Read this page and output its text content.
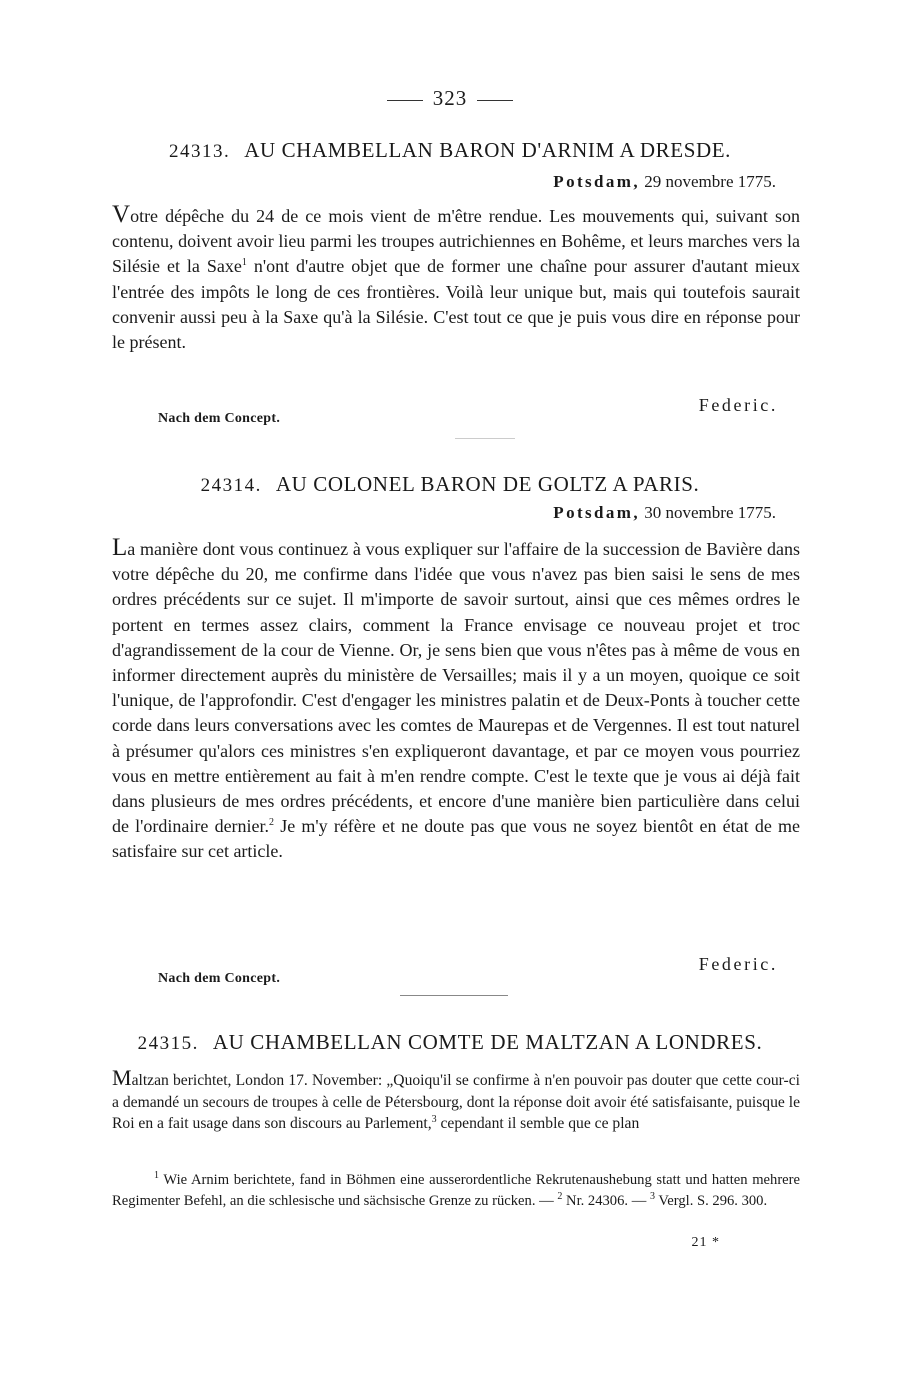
323
24313. AU CHAMBELLAN BARON D'ARNIM A DRESDE.
Potsdam, 29 novembre 1775.
Votre dépêche du 24 de ce mois vient de m'être rendue. Les mouvements qui, suivant son contenu, doivent avoir lieu parmi les troupes autrichiennes en Bohême, et leurs marches vers la Silésie et la Saxe$^1$ n'ont d'autre objet que de former une chaîne pour assurer d'autant mieux l'entrée des impôts le long de ces frontières. Voilà leur unique but, mais qui toutefois saurait convenir aussi peu à la Saxe qu'à la Silésie. C'est tout ce que je puis vous dire en réponse pour le présent.
Federic.
Nach dem Concept.
24314. AU COLONEL BARON DE GOLTZ A PARIS.
Potsdam, 30 novembre 1775.
La manière dont vous continuez à vous expliquer sur l'affaire de la succession de Bavière dans votre dépêche du 20, me confirme dans l'idée que vous n'avez pas bien saisi le sens de mes ordres précédents sur ce sujet. Il m'importe de savoir surtout, ainsi que ces mêmes ordres le portent en termes assez clairs, comment la France envisage ce nouveau projet et troc d'agrandissement de la cour de Vienne. Or, je sens bien que vous n'êtes pas à même de vous en informer directement auprès du ministère de Versailles; mais il y a un moyen, quoique ce soit l'unique, de l'approfondir. C'est d'engager les ministres palatin et de Deux-Ponts à toucher cette corde dans leurs conversations avec les comtes de Maurepas et de Vergennes. Il est tout naturel à présumer qu'alors ces ministres s'en expliqueront davantage, et par ce moyen vous pourriez vous en mettre entièrement au fait à m'en rendre compte. C'est le texte que je vous ai déjà fait dans plusieurs de mes ordres précédents, et encore d'une manière bien particulière dans celui de l'ordinaire dernier.$^2$ Je m'y réfère et ne doute pas que vous ne soyez bientôt en état de me satisfaire sur cet article.
Federic.
Nach dem Concept.
24315. AU CHAMBELLAN COMTE DE MALTZAN A LONDRES.
Maltzan berichtet, London 17. November: „Quoiqu'il se confirme à n'en pouvoir pas douter que cette cour-ci a demandé un secours de troupes à celle de Pétersbourg, dont la réponse doit avoir été satisfaisante, puisque le Roi en a fait usage dans son discours au Parlement,$^3$ cependant il semble que ce plan
$^1$ Wie Arnim berichtete, fand in Böhmen eine ausserordentliche Rekrutenaushebung statt und hatten mehrere Regimenter Befehl, an die schlesische und sächsische Grenze zu rücken. — $^2$ Nr. 24306. — $^3$ Vergl. S. 296. 300.
21 *
